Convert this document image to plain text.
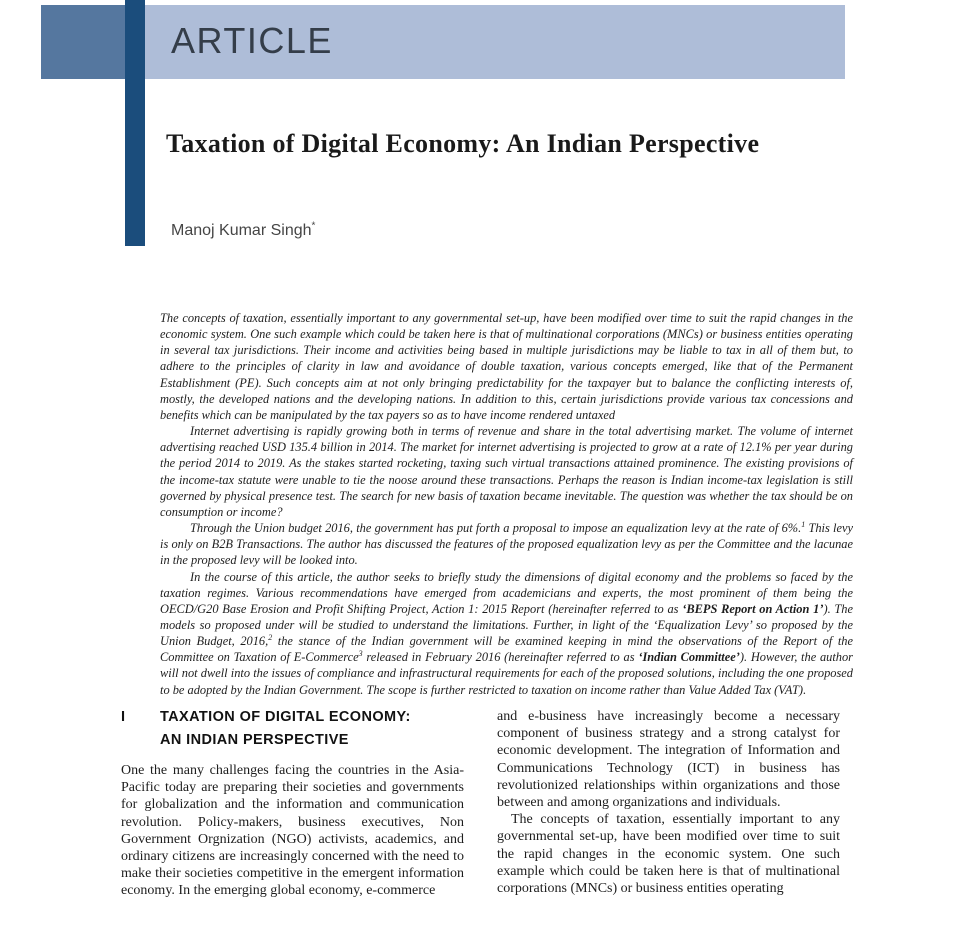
ARTICLE
Taxation of Digital Economy: An Indian Perspective
Manoj Kumar Singh*

The concepts of taxation, essentially important to any governmental set-up, have been modified over time to suit the rapid changes in the economic system. One such example which could be taken here is that of multinational corporations (MNCs) or business entities operating in several tax jurisdictions. Their income and activities being based in multiple jurisdictions may be liable to tax in all of them but, to adhere to the principles of clarity in law and avoidance of double taxation, various concepts emerged, like that of the Permanent Establishment (PE). Such concepts aim at not only bringing predictability for the taxpayer but to balance the conflicting interests of, mostly, the developed nations and the developing nations. In addition to this, certain jurisdictions provide various tax concessions and benefits which can be manipulated by the tax payers so as to have income rendered untaxed

Internet advertising is rapidly growing both in terms of revenue and share in the total advertising market. The volume of internet advertising reached USD 135.4 billion in 2014. The market for internet advertising is projected to grow at a rate of 12.1% per year during the period 2014 to 2019. As the stakes started rocketing, taxing such virtual transactions attained prominence. The existing provisions of the income-tax statute were unable to tie the noose around these transactions. Perhaps the reason is Indian income-tax legislation is still governed by physical presence test. The search for new basis of taxation became inevitable. The question was whether the tax should be on consumption or income?

Through the Union budget 2016, the government has put forth a proposal to impose an equalization levy at the rate of 6%.$^1$ This levy is only on B2B Transactions. The author has discussed the features of the proposed equalization levy as per the Committee and the lacunae in the proposed levy will be looked into.

In the course of this article, the author seeks to briefly study the dimensions of digital economy and the problems so faced by the taxation regimes. Various recommendations have emerged from academicians and experts, the most prominent of them being the OECD/G20 Base Erosion and Profit Shifting Project, Action 1: 2015 Report (hereinafter referred to as ‘BEPS Report on Action 1’). The models so proposed under will be studied to understand the limitations. Further, in light of the ‘Equalization Levy’ so proposed by the Union Budget, 2016,$^2$ the stance of the Indian government will be examined keeping in mind the observations of the Report of the Committee on Taxation of E-Commerce$^3$ released in February 2016 (hereinafter referred to as ‘Indian Committee’). However, the author will not dwell into the issues of compliance and infrastructural requirements for each of the proposed solutions, including the one proposed to be adopted by the Indian Government. The scope is further restricted to taxation on income rather than Value Added Tax (VAT).

I	TAXATION OF DIGITAL ECONOMY:
AN INDIAN PERSPECTIVE

One the many challenges facing the countries in the Asia-Pacific today are preparing their societies and governments for globalization and the information and communication revolution. Policy-makers, business executives, Non Government Orgnization (NGO) activists, academics, and ordinary citizens are increasingly concerned with the need to make their societies competitive in the emergent information economy. In the emerging global economy, e-commerce

and e-business have increasingly become a necessary component of business strategy and a strong catalyst for economic development. The integration of Information and Communications Technology (ICT) in business has revolutionized relationships within organizations and those between and among organizations and individuals.

The concepts of taxation, essentially important to any governmental set-up, have been modified over time to suit the rapid changes in the economic system. One such example which could be taken here is that of multinational corporations (MNCs) or business entities operating
